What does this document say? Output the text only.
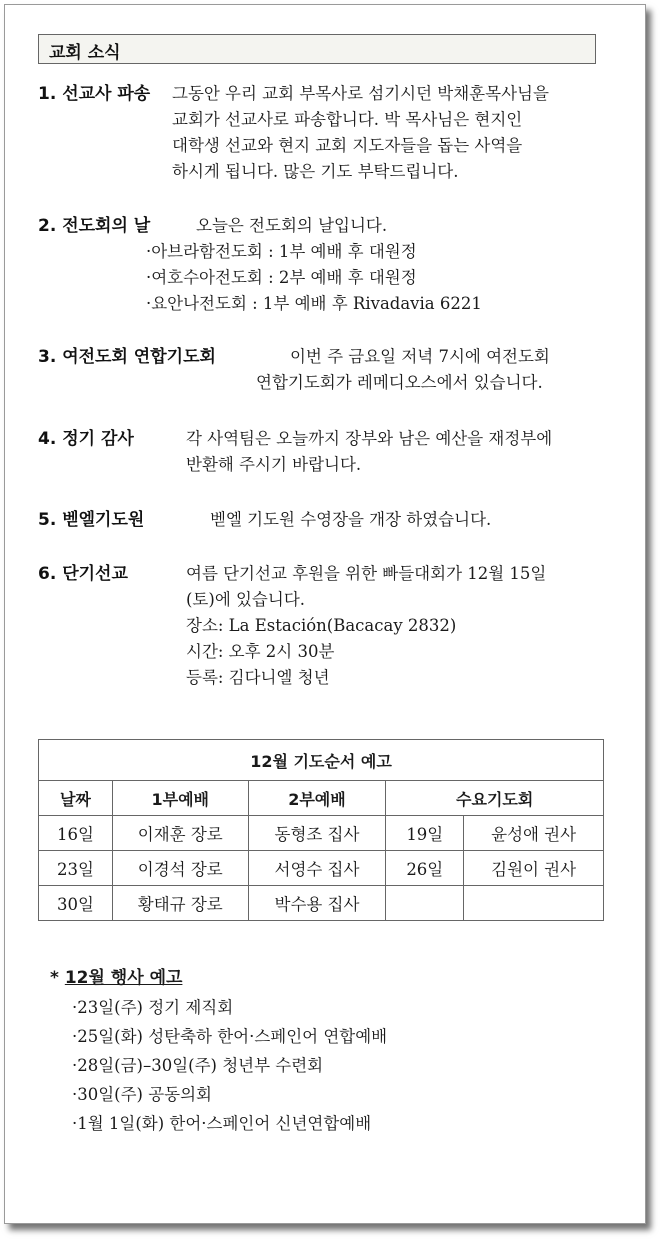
교회 소식
1. 선교사 파송 그동안 우리 교회 부목사로 섬기시던 박채훈목사님을
교회가 선교사로 파송합니다. 박 목사님은 현지인
대학생 선교와 현지 교회 지도자들을 돕는 사역을
하시게 됩니다. 많은 기도 부탁드립니다.
2. 전도회의 날	오늘은 전도회의 날입니다.
·아브라함전도회 : 1부 예배 후 대원정
·여호수아전도회 : 2부 예배 후 대원정
·요안나전도회 : 1부 예배 후 Rivadavia 6221
3. 여전도회 연합기도회	이번 주 금요일 저녁 7시에 여전도회
연합기도회가 레메디오스에서 있습니다.
4. 정기 감사	각 사역팀은 오늘까지 장부와 남은 예산을 재정부에
반환해 주시기 바랍니다.
5. 벧엘기도원	벧엘 기도원 수영장을 개장 하였습니다.
6. 단기선교	여름 단기선교 후원을 위한 빠들대회가 12월 15일
(토)에 있습니다.
장소: La Estación(Bacacay 2832)
시간: 오후 2시 30분
등록: 김다니엘 청년
12월 기도순서 예고				
날짜	1부예배	2부예배	수요기도회	
16일	이재훈 장로	동형조 집사	19일	윤성애 권사
23일	이경석 장로	서영수 집사	26일	김원이 권사
30일	황태규 장로	박수용 집사		
* 12월 행사 예고
·23일(주) 정기 제직회
·25일(화) 성탄축하 한어·스페인어 연합예배
·28일(금)–30일(주) 청년부 수련회
·30일(주) 공동의회
·1월 1일(화) 한어·스페인어 신년연합예배
